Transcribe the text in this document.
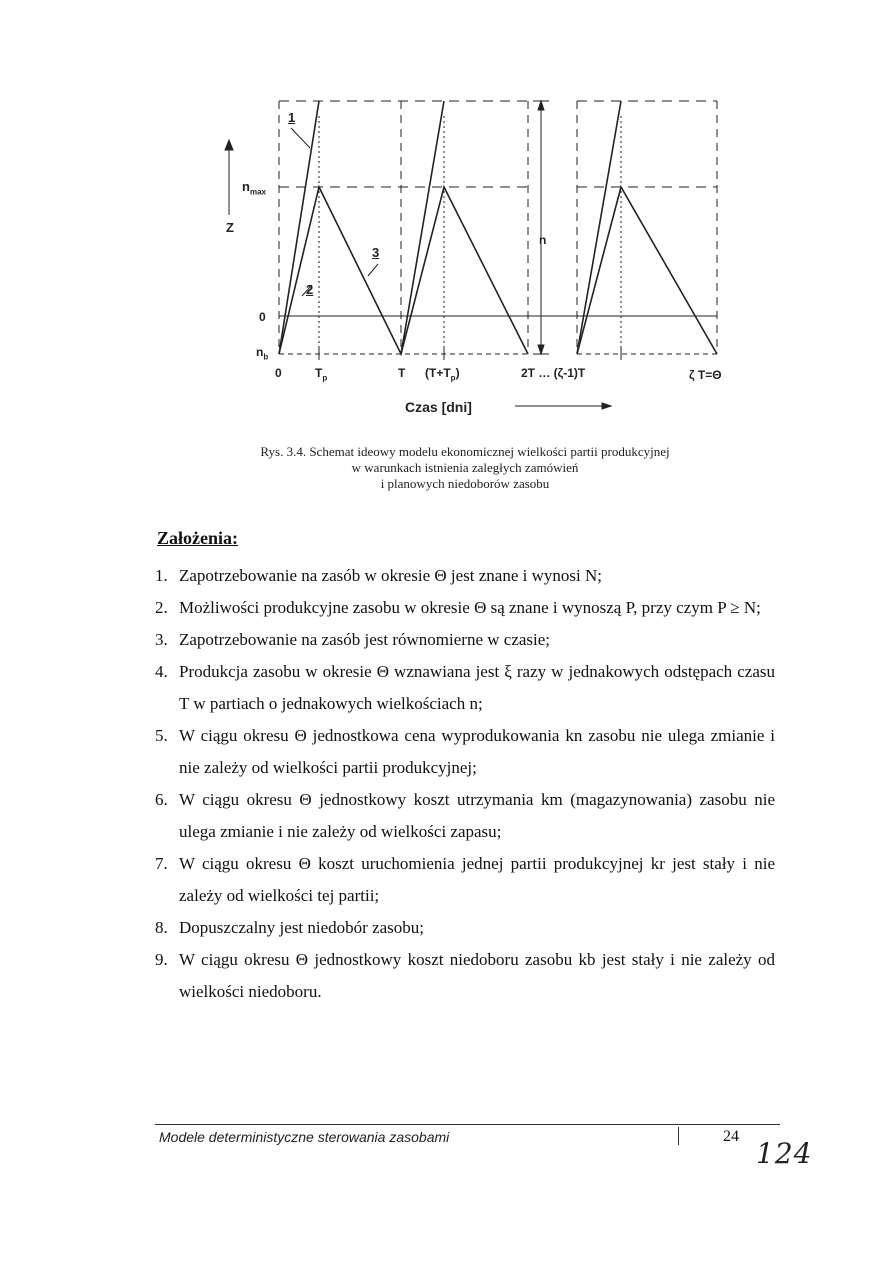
Z
$n_{max}$
0
$n_b$
n
1
2
3
0	$T_p$	T $(T+T_p)$	2T … (ζ-1)T	ζ T=Θ
Czas [dni]
Rys. 3.4. Schemat ideowy modelu ekonomicznej wielkości partii produkcyjnej
w warunkach istnienia zaległych zamówień
i planowych niedoborów zasobu
Założenia:
1. Zapotrzebowanie na zasób w okresie Θ jest znane i wynosi N;
2. Możliwości produkcyjne zasobu w okresie Θ są znane i wynoszą P, przy czym P ≥ N;
3. Zapotrzebowanie na zasób jest równomierne w czasie;
4. Produkcja zasobu w okresie Θ wznawiana jest ξ razy w jednakowych odstępach czasu T w partiach o jednakowych wielkościach n;
5. W ciągu okresu Θ jednostkowa cena wyprodukowania kn zasobu nie ulega zmianie i nie zależy od wielkości partii produkcyjnej;
6. W ciągu okresu Θ jednostkowy koszt utrzymania km (magazynowania) zasobu nie ulega zmianie i nie zależy od wielkości zapasu;
7. W ciągu okresu Θ koszt uruchomienia jednej partii produkcyjnej kr jest stały i nie zależy od wielkości tej partii;
8. Dopuszczalny jest niedobór zasobu;
9. W ciągu okresu Θ jednostkowy koszt niedoboru zasobu kb jest stały i nie zależy od wielkości niedoboru.
Modele deterministyczne sterowania zasobami	24
124
